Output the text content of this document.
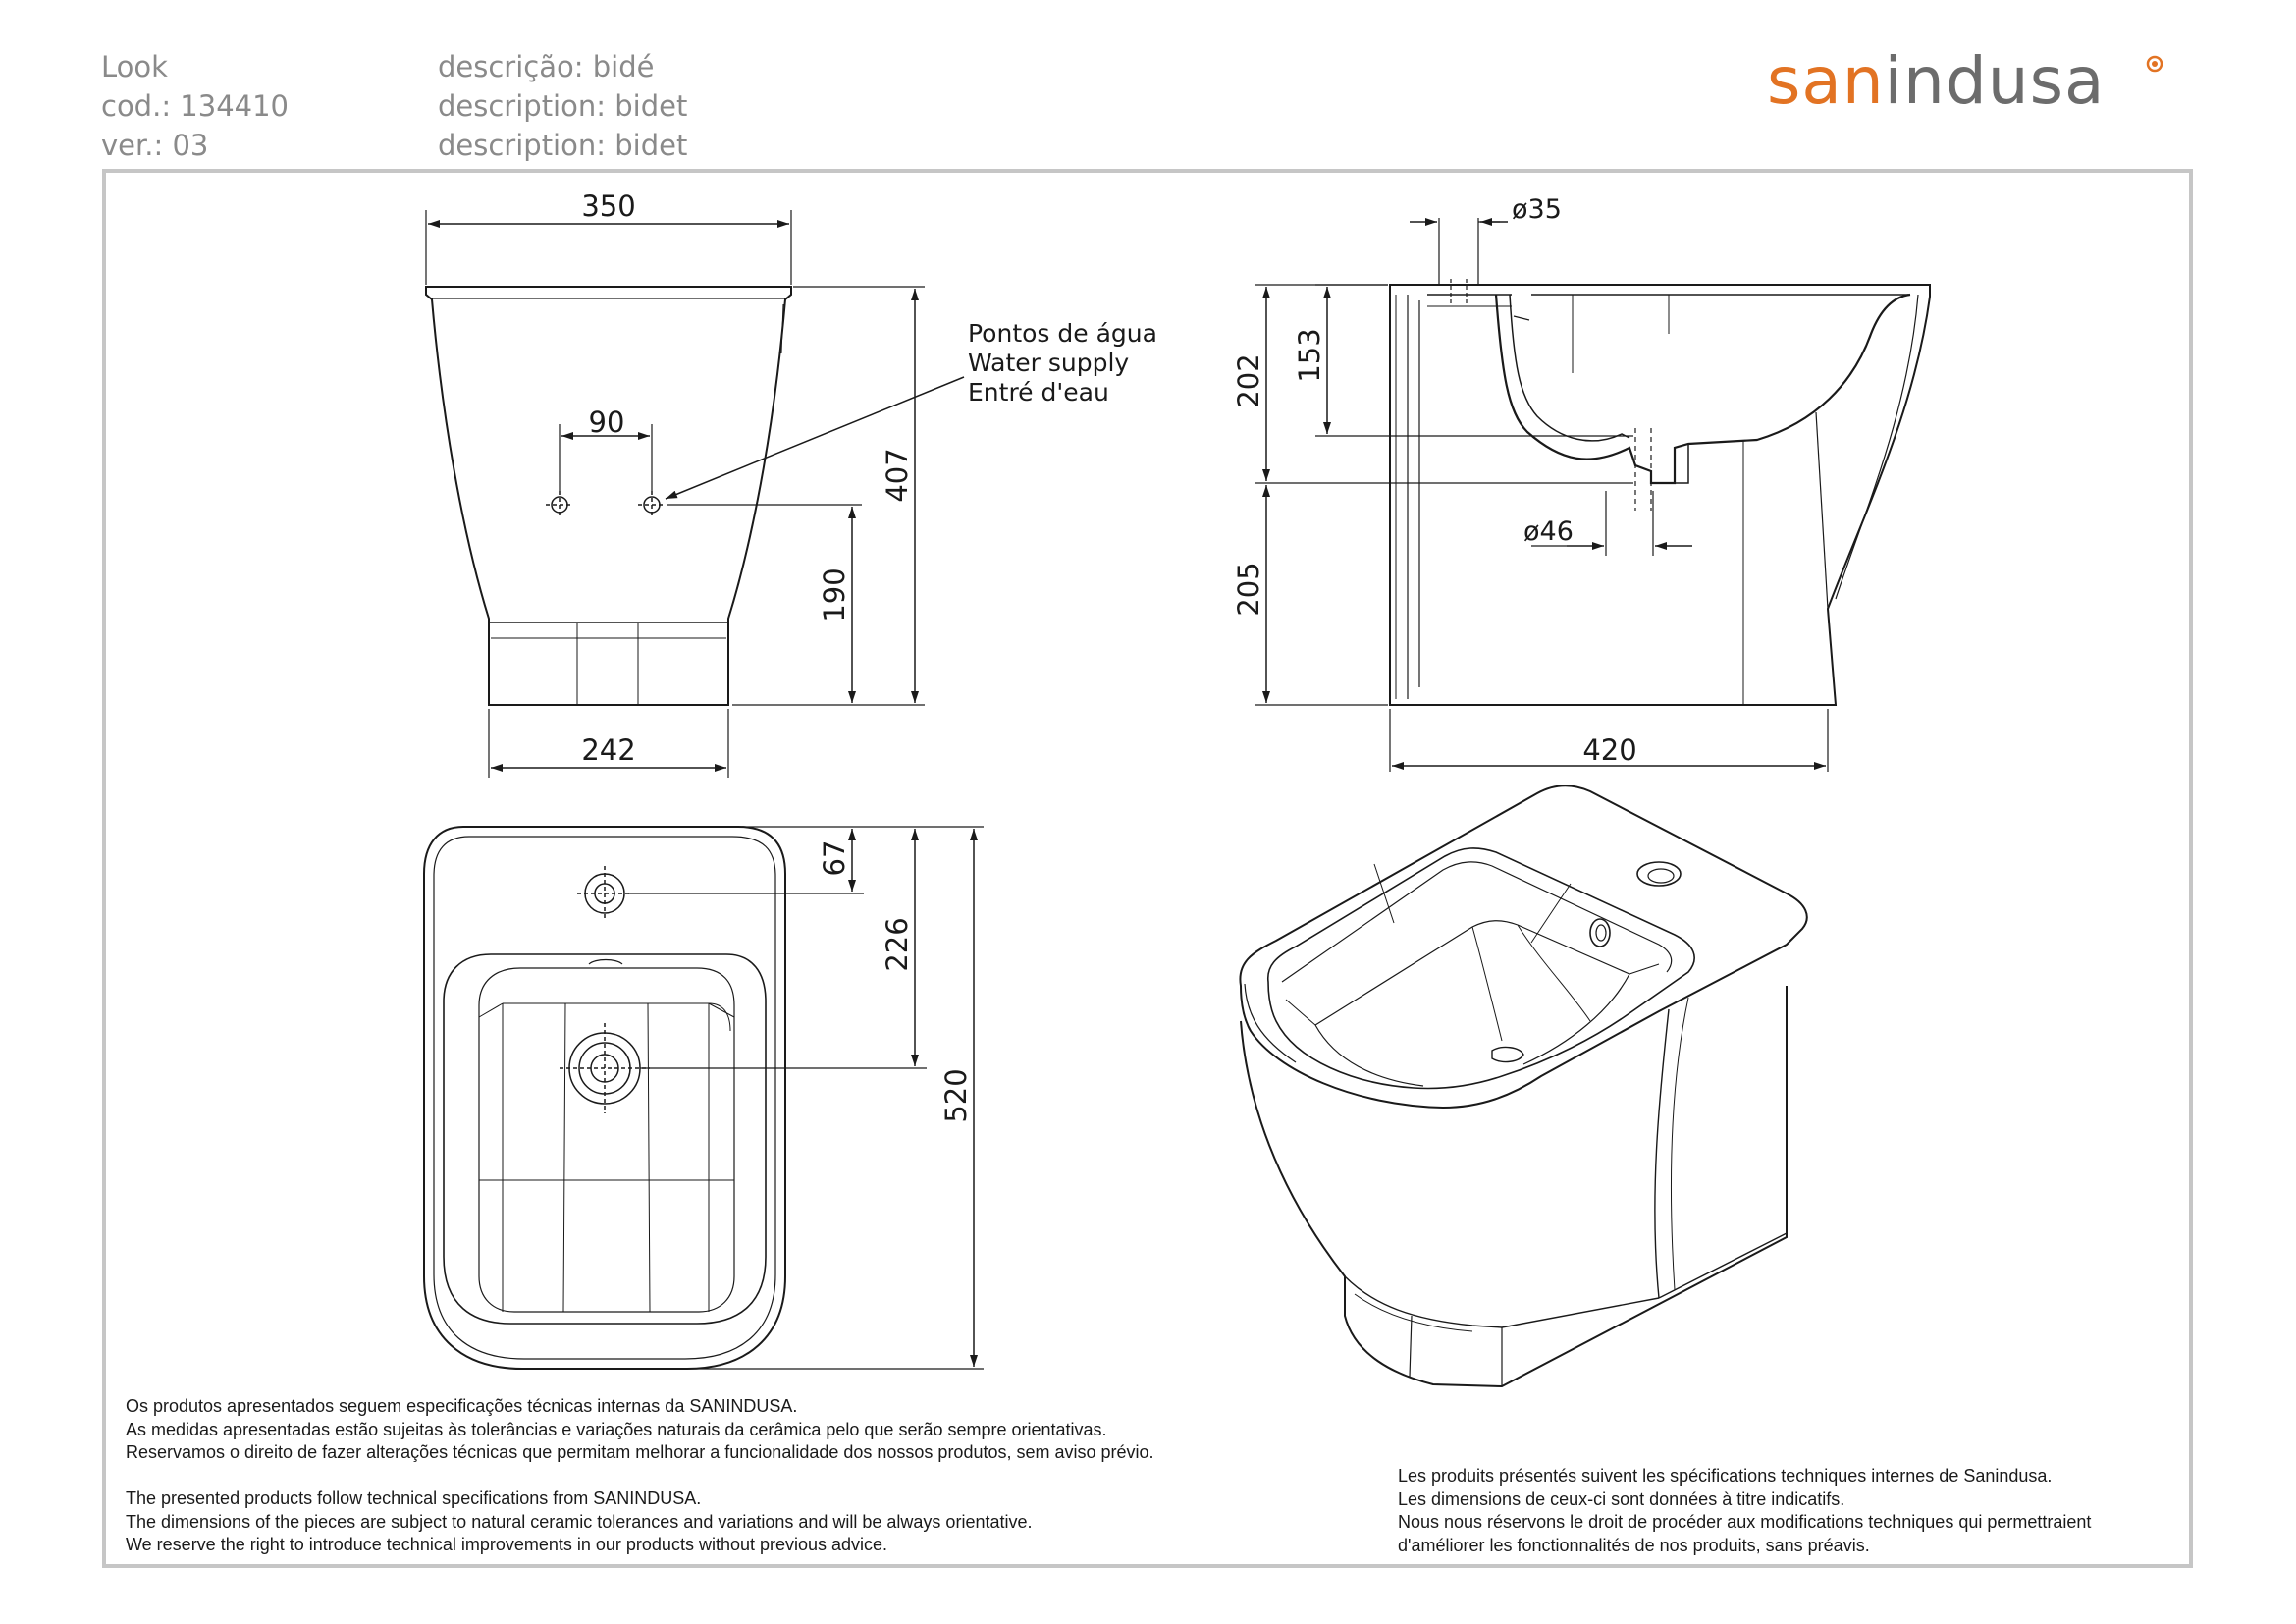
Look
cod.: 134410
ver.: 03
descrição: bidé
description: bidet
description: bidet
sanindusa
350
242
90
407
190
Pontos de água
Water supply
Entré d'eau
ø35
ø46
202 153
205
420
67
226
520
Os produtos apresentados seguem especificações técnicas internas da SANINDUSA.
As medidas apresentadas estão sujeitas às tolerâncias e variações naturais da cerâmica pelo que serão sempre orientativas.
Reservamos o direito de fazer alterações técnicas que permitam melhorar a funcionalidade dos nossos produtos, sem aviso prévio.
The presented products follow technical specifications from SANINDUSA.
The dimensions of the pieces are subject to natural ceramic tolerances and variations and will be always orientative.
We reserve the right to introduce technical improvements in our products without previous advice.
Les produits présentés suivent les spécifications techniques internes de Sanindusa.
Les dimensions de ceux-ci sont données à titre indicatifs.
Nous nous réservons le droit de procéder aux modifications techniques qui permettraient
d'améliorer les fonctionnalités de nos produits, sans préavis.
